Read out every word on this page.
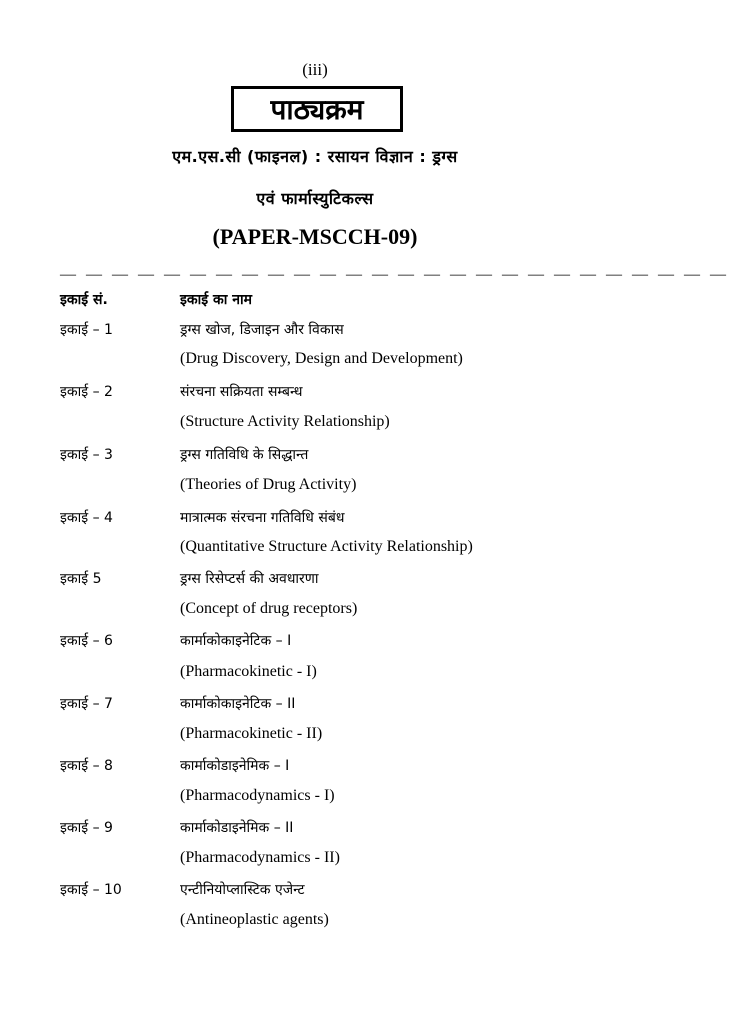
(iii)
पाठ्यक्रम
एम.एस.सी (फाइनल) : रसायन विज्ञान : ड्रग्स
एवं फार्मास्युटिकल्स
(PAPER-MSCCH-09)
— — — — — — — — — — — — — — — — — — — — — — — — — —
इकाई सं.	इकाई का नाम
इकाई – 1	ड्रग्स खोज, डिजाइन और विकास
(Drug Discovery, Design and Development)
इकाई – 2	संरचना सक्रियता सम्बन्ध
(Structure Activity Relationship)
इकाई – 3	ड्रग्स गतिविधि के सिद्धान्त
(Theories of Drug Activity)
इकाई – 4	मात्रात्मक संरचना गतिविधि संबंध
(Quantitative Structure Activity Relationship)
इकाई 5	ड्रग्स रिसेप्टर्स की अवधारणा
(Concept of drug receptors)
इकाई – 6	कार्माकोकाइनेटिक – I
(Pharmacokinetic - I)
इकाई – 7	कार्माकोकाइनेटिक – II
(Pharmacokinetic - II)
इकाई – 8	कार्माकोडाइनेमिक – I
(Pharmacodynamics - I)
इकाई – 9	कार्माकोडाइनेमिक – II
(Pharmacodynamics - II)
इकाई – 10	एन्टीनियोप्लास्टिक एजेन्ट
(Antineoplastic agents)
